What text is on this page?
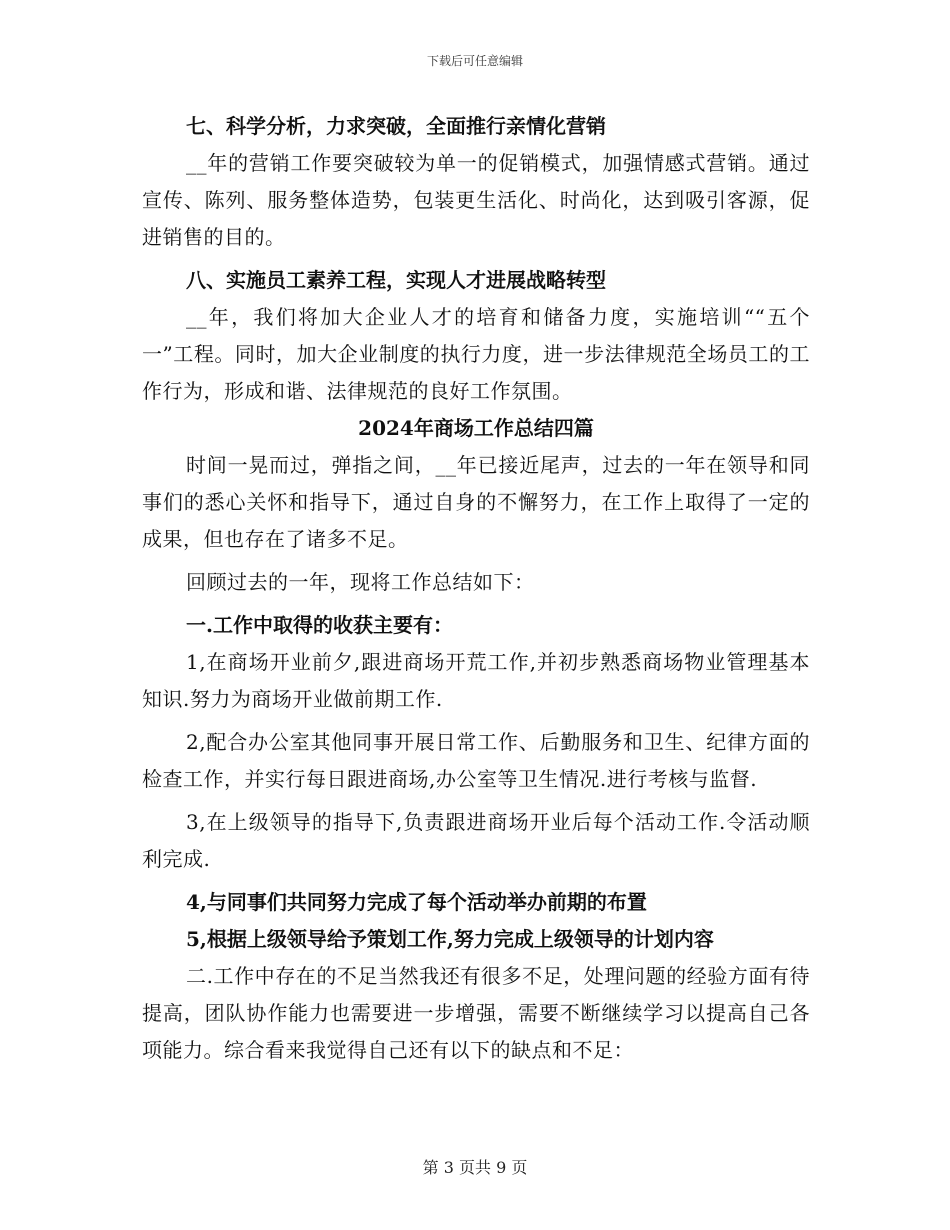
下载后可任意编辑

七、科学分析，力求突破，全面推行亲情化营销

__年的营销工作要突破较为单一的促销模式，加强情感式营销。通过宣传、陈列、服务整体造势，包装更生活化、时尚化，达到吸引客源，促进销售的目的。

八、实施员工素养工程，实现人才进展战略转型

__年，我们将加大企业人才的培育和储备力度，实施培训““五个一”工程。同时，加大企业制度的执行力度，进一步法律规范全场员工的工作行为，形成和谐、法律规范的良好工作氛围。

2024年商场工作总结四篇

时间一晃而过，弹指之间，__年已接近尾声，过去的一年在领导和同事们的悉心关怀和指导下，通过自身的不懈努力，在工作上取得了一定的成果，但也存在了诸多不足。

回顾过去的一年，现将工作总结如下：

一.工作中取得的收获主要有：

1,在商场开业前夕,跟进商场开荒工作,并初步熟悉商场物业管理基本知识.努力为商场开业做前期工作.

2,配合办公室其他同事开展日常工作、后勤服务和卫生、纪律方面的检查工作，并实行每日跟进商场,办公室等卫生情况.进行考核与监督.

3,在上级领导的指导下,负责跟进商场开业后每个活动工作.令活动顺利完成.

4,与同事们共同努力完成了每个活动举办前期的布置

5,根据上级领导给予策划工作,努力完成上级领导的计划内容

二.工作中存在的不足当然我还有很多不足，处理问题的经验方面有待提高，团队协作能力也需要进一步增强，需要不断继续学习以提高自己各项能力。综合看来我觉得自己还有以下的缺点和不足：

第 3 页共 9 页
